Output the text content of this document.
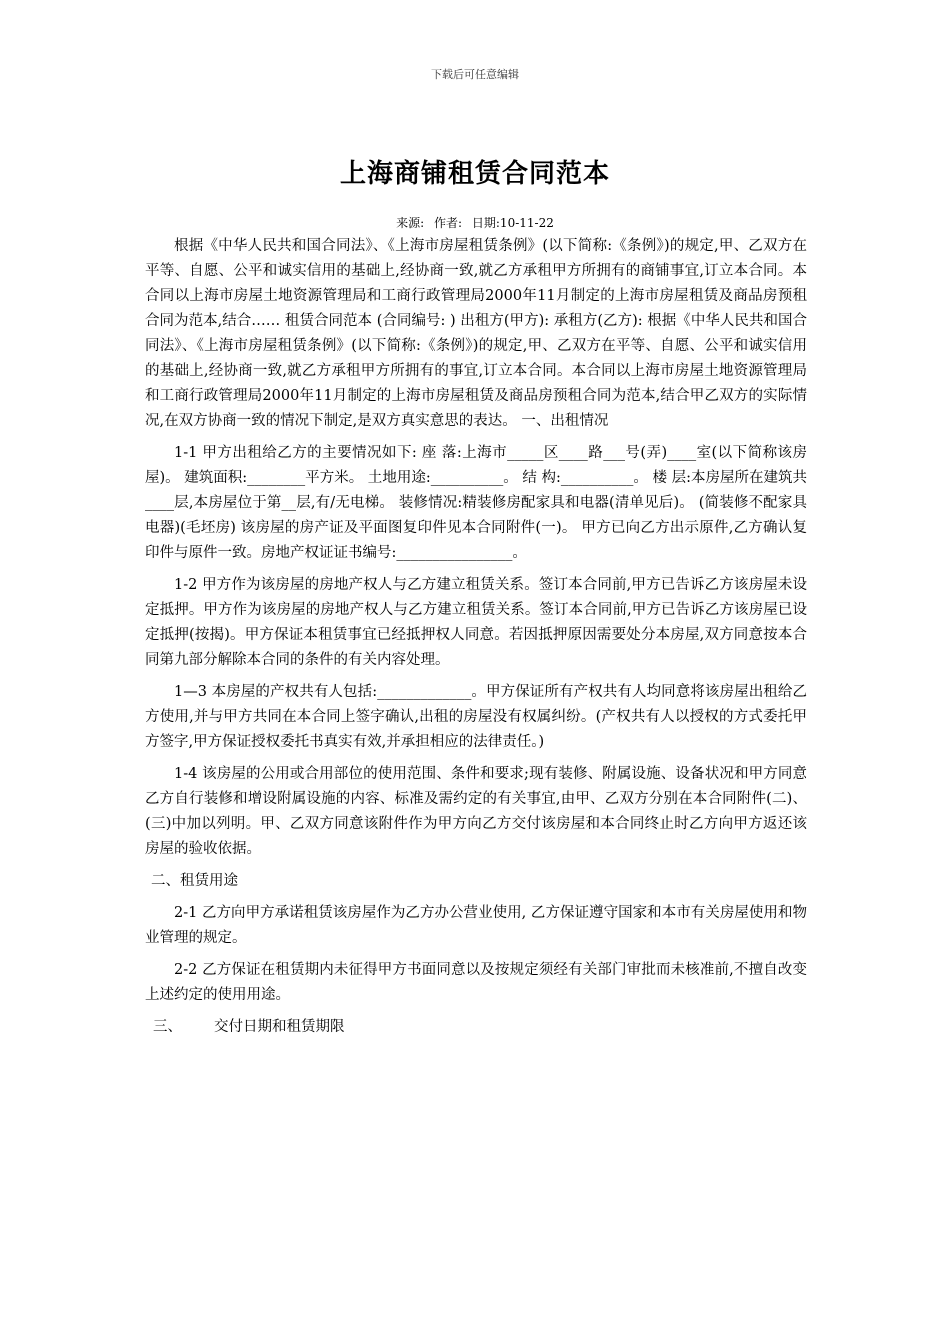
下载后可任意编辑
上海商铺租赁合同范本
来源: 作者: 日期:10-11-22

根据《中华人民共和国合同法》、《上海市房屋租赁条例》(以下简称:《条例》)的规定,甲、乙双方在平等、自愿、公平和诚实信用的基础上,经协商一致,就乙方承租甲方所拥有的商铺事宜,订立本合同。本合同以上海市房屋土地资源管理局和工商行政管理局2000年11月制定的上海市房屋租赁及商品房预租合同为范本,结合…… 租赁合同范本 (合同编号: ) 出租方(甲方): 承租方(乙方): 根据《中华人民共和国合同法》、《上海市房屋租赁条例》(以下简称:《条例》)的规定,甲、乙双方在平等、自愿、公平和诚实信用的基础上,经协商一致,就乙方承租甲方所拥有的事宜,订立本合同。本合同以上海市房屋土地资源管理局和工商行政管理局2000年11月制定的上海市房屋租赁及商品房预租合同为范本,结合甲乙双方的实际情况,在双方协商一致的情况下制定,是双方真实意思的表达。 一、出租情况

1-1 甲方出租给乙方的主要情况如下: 座 落:上海市_____区____路___号(弄)____室(以下简称该房屋)。 建筑面积:________平方米。 土地用途:__________。 结 构:__________。 楼 层:本房屋所在建筑共____层,本房屋位于第__层,有/无电梯。 装修情况:精装修房配家具和电器(清单见后)。 (简装修不配家具电器)(毛坯房) 该房屋的房产证及平面图复印件见本合同附件(一)。 甲方已向乙方出示原件,乙方确认复印件与原件一致。房地产权证证书编号:________________。

1-2 甲方作为该房屋的房地产权人与乙方建立租赁关系。签订本合同前,甲方已告诉乙方该房屋未设定抵押。甲方作为该房屋的房地产权人与乙方建立租赁关系。签订本合同前,甲方已告诉乙方该房屋已设定抵押(按揭)。甲方保证本租赁事宜已经抵押权人同意。若因抵押原因需要处分本房屋,双方同意按本合同第九部分解除本合同的条件的有关内容处理。

1—3 本房屋的产权共有人包括:_____________。甲方保证所有产权共有人均同意将该房屋出租给乙方使用,并与甲方共同在本合同上签字确认,出租的房屋没有权属纠纷。(产权共有人以授权的方式委托甲方签字,甲方保证授权委托书真实有效,并承担相应的法律责任。)

1-4 该房屋的公用或合用部位的使用范围、条件和要求;现有装修、附属设施、设备状况和甲方同意乙方自行装修和增设附属设施的内容、标准及需约定的有关事宜,由甲、乙双方分别在本合同附件(二)、(三)中加以列明。甲、乙双方同意该附件作为甲方向乙方交付该房屋和本合同终止时乙方向甲方返还该房屋的验收依据。

二、租赁用途

2-1 乙方向甲方承诺租赁该房屋作为乙方办公营业使用, 乙方保证遵守国家和本市有关房屋使用和物业管理的规定。

2-2 乙方保证在租赁期内未征得甲方书面同意以及按规定须经有关部门审批而未核准前,不擅自改变上述约定的使用用途。

三、 交付日期和租赁期限
